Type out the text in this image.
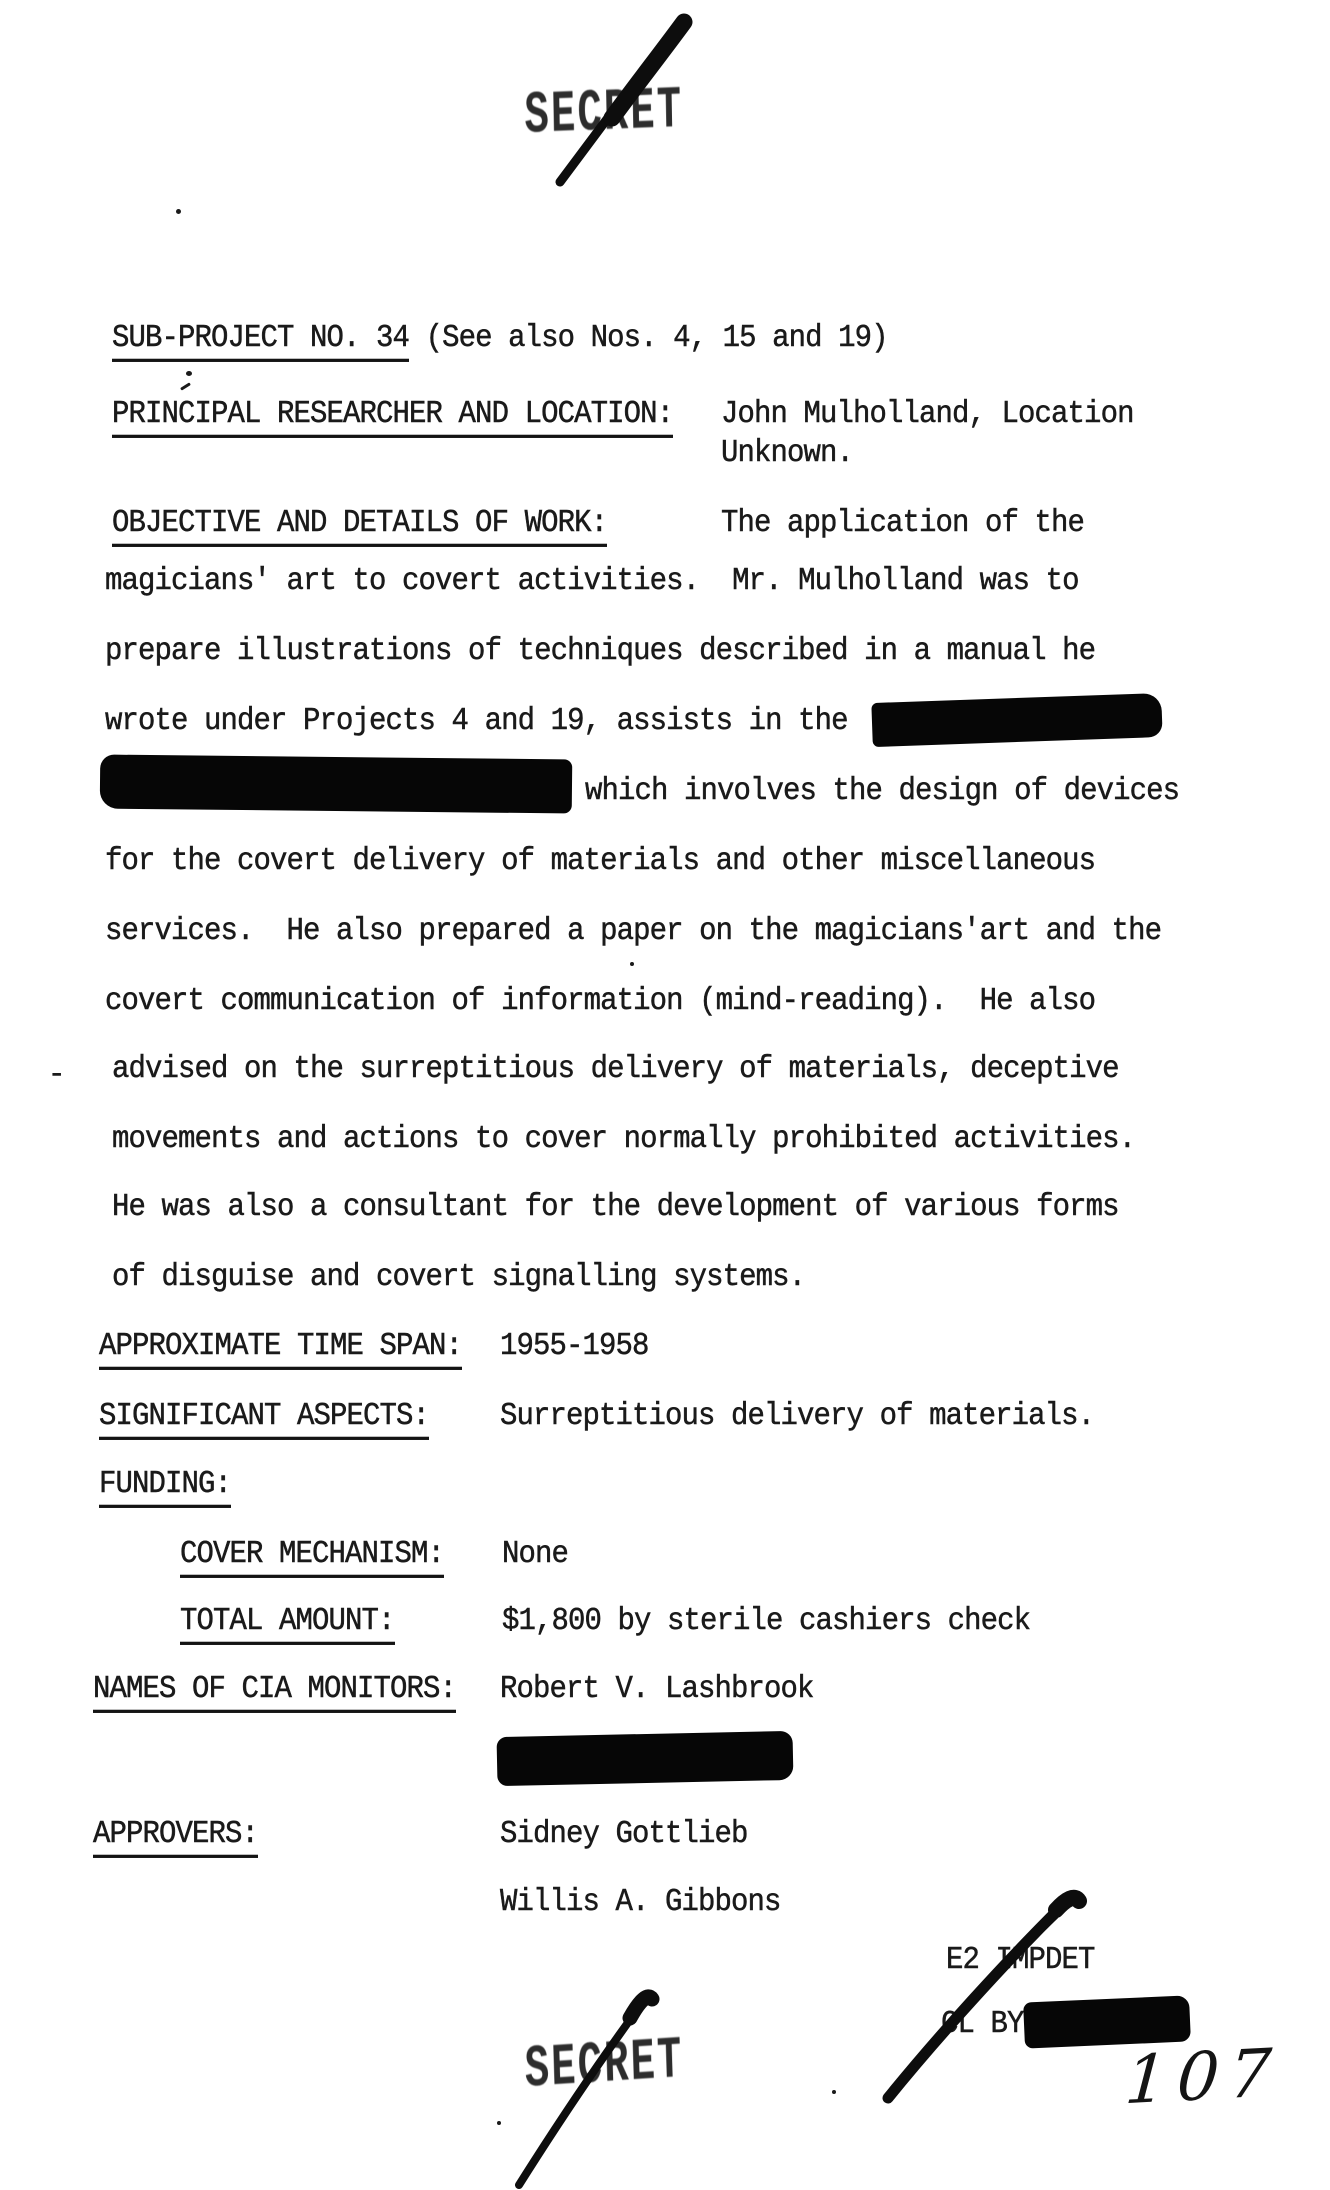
SECRET
SUB-PROJECT NO. 34 (See also Nos. 4, 15 and 19)
PRINCIPAL RESEARCHER AND LOCATION: John Mulholland, Location
Unknown.
OBJECTIVE AND DETAILS OF WORK:	The application of the
magicians' art to covert activities.  Mr. Mulholland was to
prepare illustrations of techniques described in a manual he
wrote under Projects 4 and 19, assists in the
which involves the design of devices
for the covert delivery of materials and other miscellaneous
services.  He also prepared a paper on the magicians'art and the
covert communication of information (mind-reading).  He also
- advised on the surreptitious delivery of materials, deceptive
movements and actions to cover normally prohibited activities.
He was also a consultant for the development of various forms
of disguise and covert signalling systems.
APPROXIMATE TIME SPAN: 1955-1958
SIGNIFICANT ASPECTS: Surreptitious delivery of materials.
FUNDING:
COVER MECHANISM: None
TOTAL AMOUNT:	$1,800 by sterile cashiers check
NAMES OF CIA MONITORS: Robert V. Lashbrook
APPROVERS:	Sidney Gottlieb
Willis A. Gibbons
E2 IMPDET
CL BY
107
SECRET
